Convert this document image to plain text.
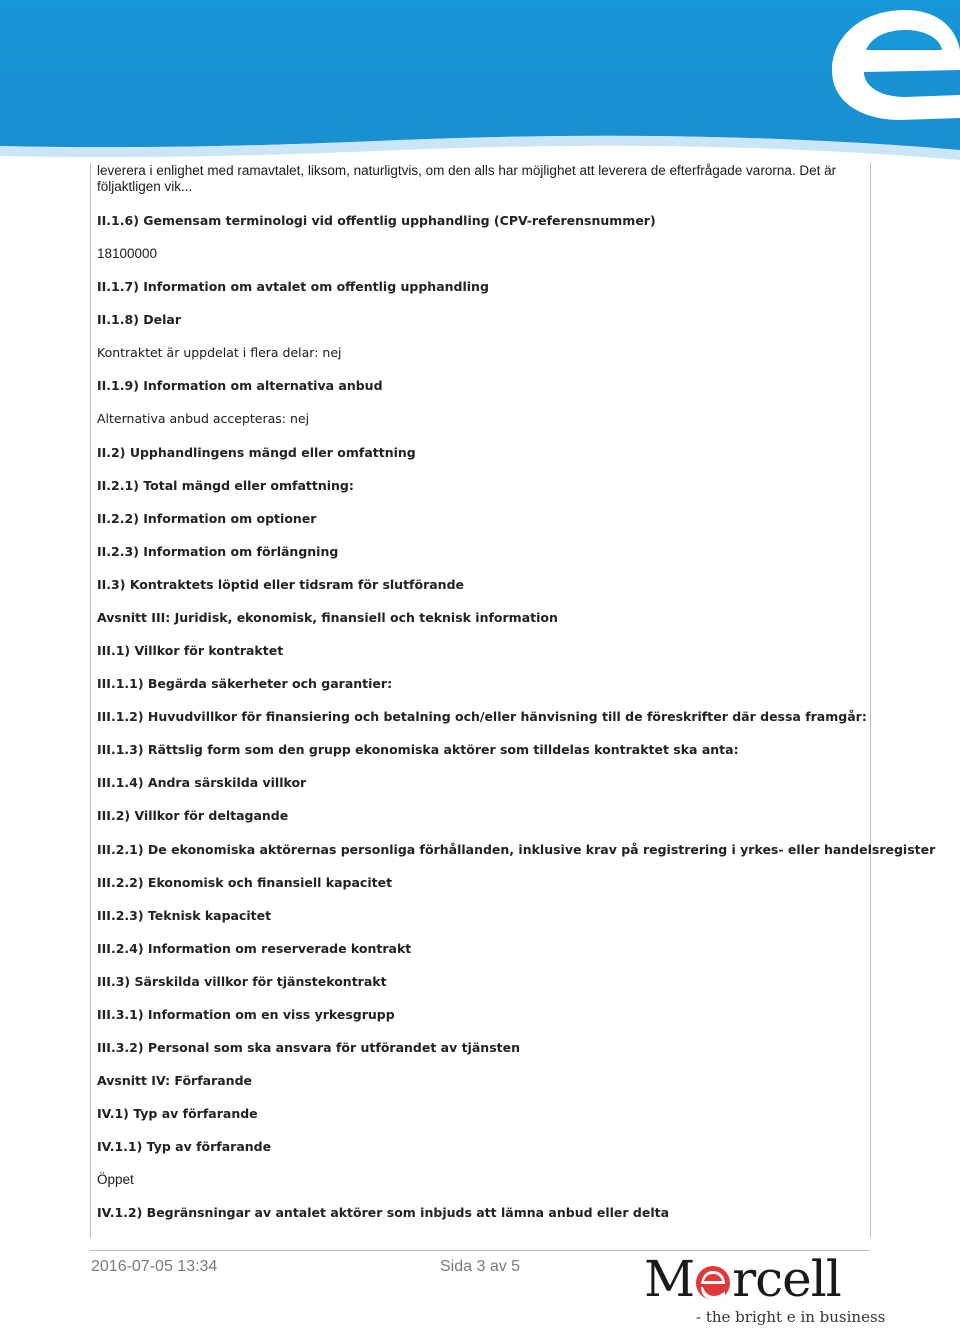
leverera i enlighet med ramavtalet, liksom, naturligtvis, om den alls har möjlighet att leverera de efterfrågade varorna. Det är följaktligen vik...
II.1.6) Gemensam terminologi vid offentlig upphandling (CPV-referensnummer)
18100000
II.1.7) Information om avtalet om offentlig upphandling
II.1.8) Delar
Kontraktet är uppdelat i flera delar: nej
II.1.9) Information om alternativa anbud
Alternativa anbud accepteras: nej
II.2) Upphandlingens mängd eller omfattning
II.2.1) Total mängd eller omfattning:
II.2.2) Information om optioner
II.2.3) Information om förlängning
II.3) Kontraktets löptid eller tidsram för slutförande
Avsnitt III: Juridisk, ekonomisk, finansiell och teknisk information
III.1) Villkor för kontraktet
III.1.1) Begärda säkerheter och garantier:
III.1.2) Huvudvillkor för finansiering och betalning och/eller hänvisning till de föreskrifter där dessa framgår:
III.1.3) Rättslig form som den grupp ekonomiska aktörer som tilldelas kontraktet ska anta:
III.1.4) Andra särskilda villkor
III.2) Villkor för deltagande
III.2.1) De ekonomiska aktörernas personliga förhållanden, inklusive krav på registrering i yrkes- eller handelsregister
III.2.2) Ekonomisk och finansiell kapacitet
III.2.3) Teknisk kapacitet
III.2.4) Information om reserverade kontrakt
III.3) Särskilda villkor för tjänstekontrakt
III.3.1) Information om en viss yrkesgrupp
III.3.2) Personal som ska ansvara för utförandet av tjänsten
Avsnitt IV: Förfarande
IV.1) Typ av förfarande
IV.1.1) Typ av förfarande
Öppet
IV.1.2) Begränsningar av antalet aktörer som inbjuds att lämna anbud eller delta
2016-07-05 13:34	Sida 3 av 5 M rcell
- the bright e in business
